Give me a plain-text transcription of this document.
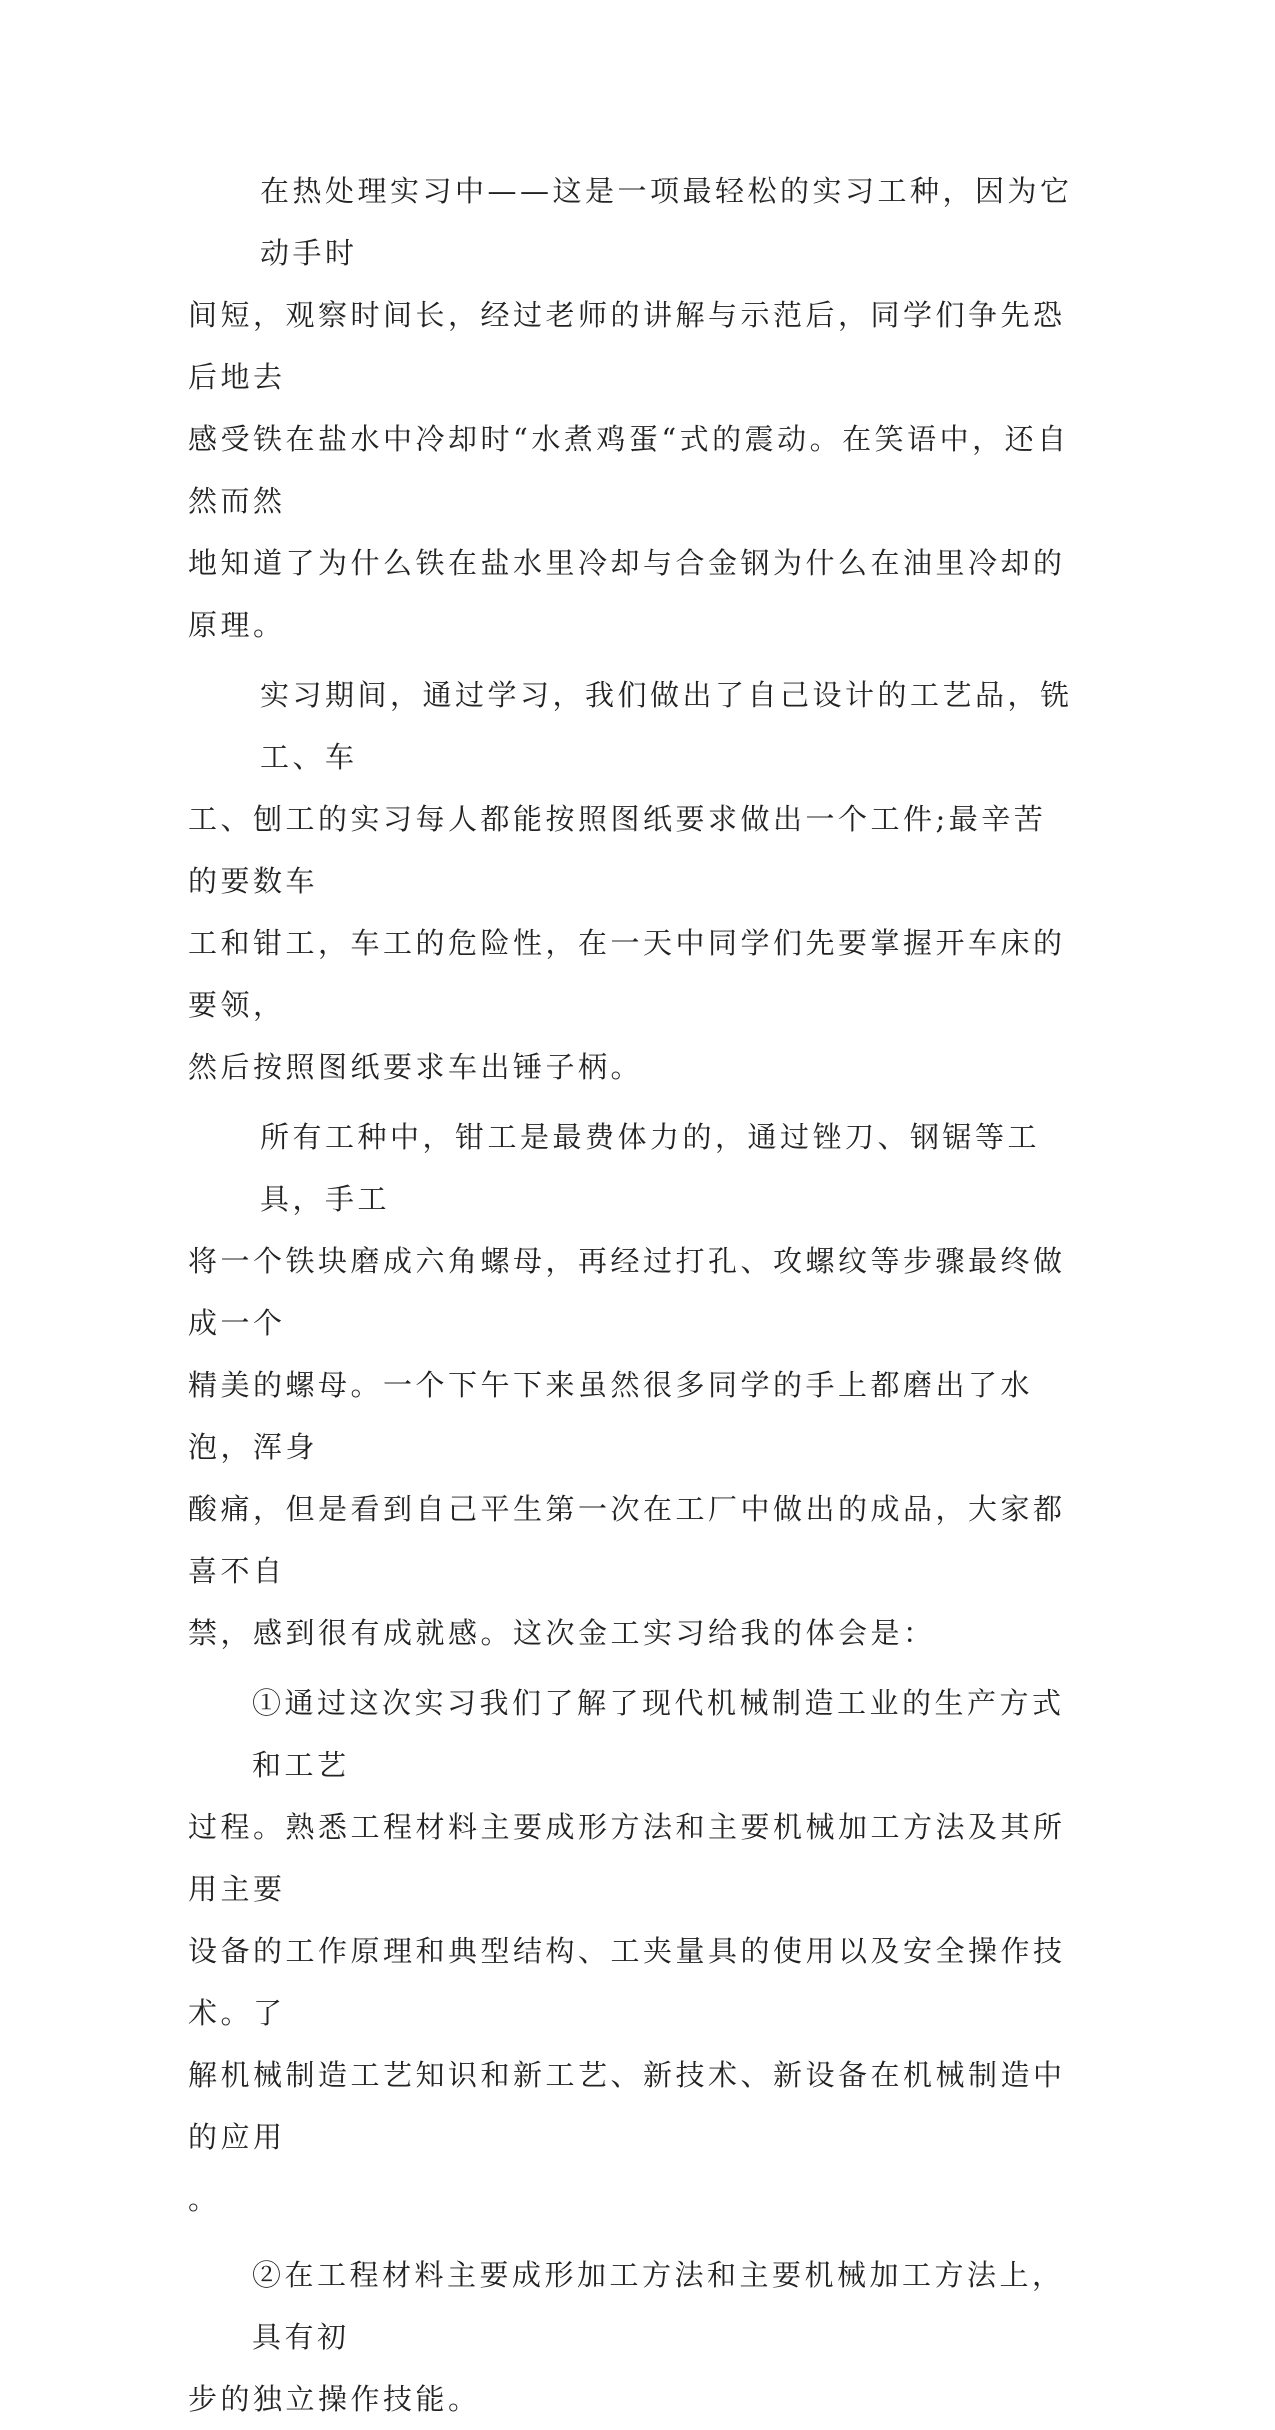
在热处理实习中——这是一项最轻松的实习工种，因为它动手时
间短，观察时间长，经过老师的讲解与示范后，同学们争先恐后地去
感受铁在盐水中冷却时“水煮鸡蛋“式的震动。在笑语中，还自然而然
地知道了为什么铁在盐水里冷却与合金钢为什么在油里冷却的原理。
实习期间，通过学习，我们做出了自己设计的工艺品，铣工、车
工、刨工的实习每人都能按照图纸要求做出一个工件;最辛苦的要数车
工和钳工，车工的危险性，在一天中同学们先要掌握开车床的要领，
然后按照图纸要求车出锤子柄。
所有工种中，钳工是最费体力的，通过锉刀、钢锯等工具，手工
将一个铁块磨成六角螺母，再经过打孔、攻螺纹等步骤最终做成一个
精美的螺母。一个下午下来虽然很多同学的手上都磨出了水泡，浑身
酸痛，但是看到自己平生第一次在工厂中做出的成品，大家都喜不自
禁，感到很有成就感。这次金工实习给我的体会是：
①通过这次实习我们了解了现代机械制造工业的生产方式和工艺
过程。熟悉工程材料主要成形方法和主要机械加工方法及其所用主要
设备的工作原理和典型结构、工夹量具的使用以及安全操作技术。了
解机械制造工艺知识和新工艺、新技术、新设备在机械制造中的应用
。
②在工程材料主要成形加工方法和主要机械加工方法上，具有初
步的独立操作技能。
